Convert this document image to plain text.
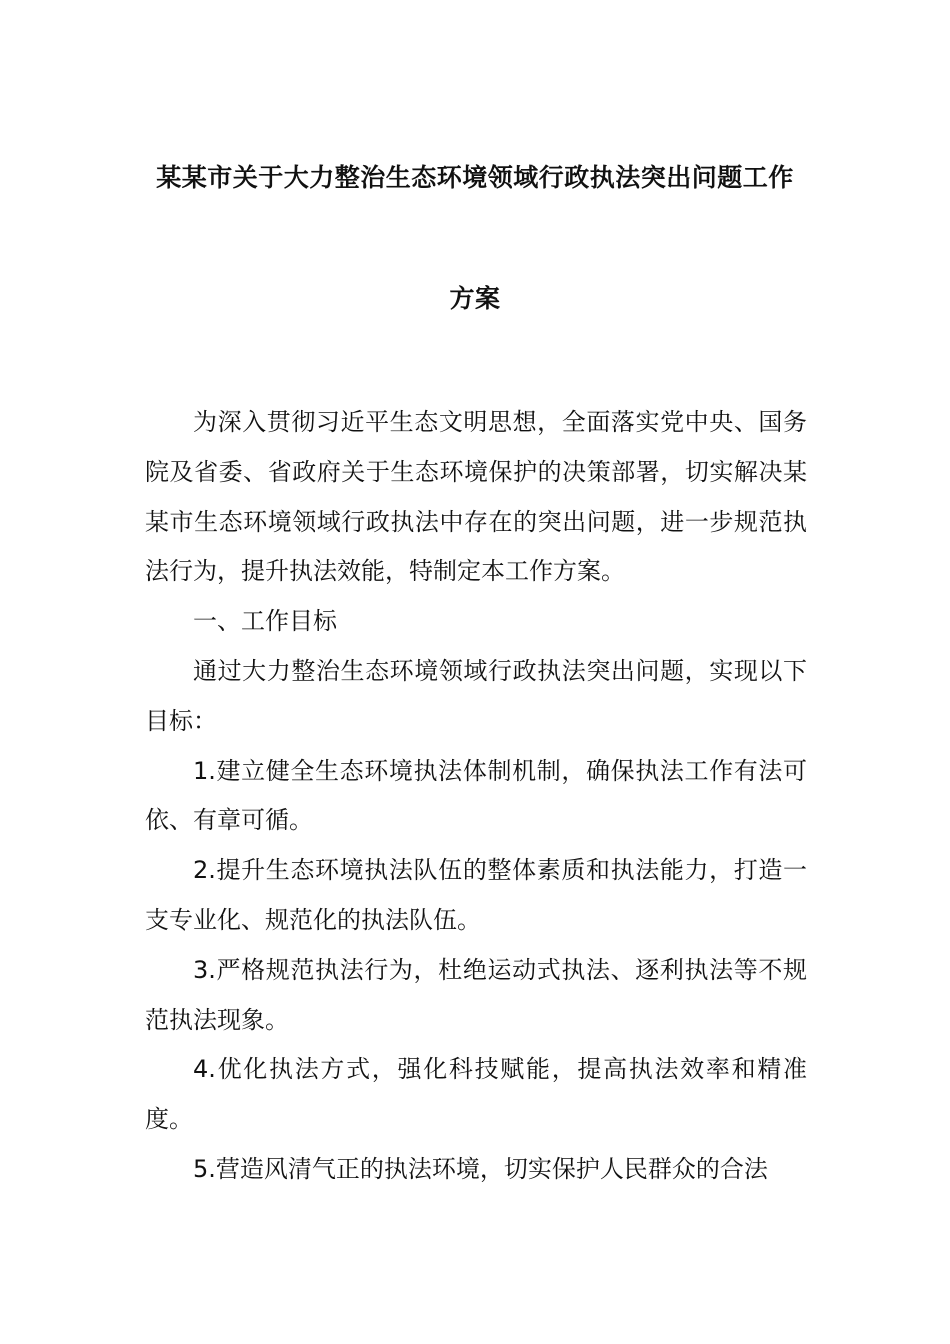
某某市关于大力整治生态环境领域行政执法突出问题工作
方案

为深入贯彻习近平生态文明思想，全面落实党中央、国务院及省委、省政府关于生态环境保护的决策部署，切实解决某某市生态环境领域行政执法中存在的突出问题，进一步规范执法行为，提升执法效能，特制定本工作方案。

一、工作目标

通过大力整治生态环境领域行政执法突出问题，实现以下目标：

1.建立健全生态环境执法体制机制，确保执法工作有法可依、有章可循。

2.提升生态环境执法队伍的整体素质和执法能力，打造一支专业化、规范化的执法队伍。

3.严格规范执法行为，杜绝运动式执法、逐利执法等不规范执法现象。

4.优化执法方式，强化科技赋能，提高执法效率和精准度。

5.营造风清气正的执法环境，切实保护人民群众的合法
